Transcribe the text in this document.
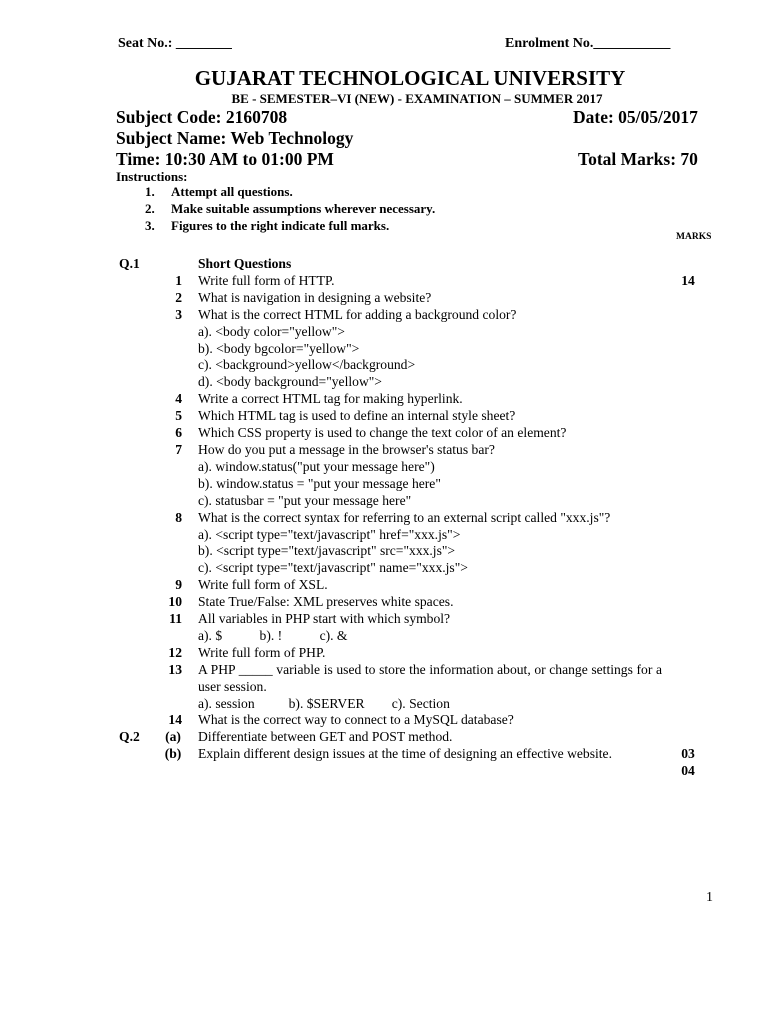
Seat No.: ________	Enrolment No.___________
GUJARAT TECHNOLOGICAL UNIVERSITY
BE - SEMESTER–VI (NEW) - EXAMINATION – SUMMER 2017
Subject Code: 2160708	Date: 05/05/2017
Subject Name: Web Technology
Time: 10:30 AM to 01:00 PM	Total Marks: 70
Instructions:
1.	Attempt all questions.
2.	Make suitable assumptions wherever necessary.
3.	Figures to the right indicate full marks.
MARKS
Q.1	Short Questions
14
1 Write full form of HTTP.
2 What is navigation in designing a website?
3 What is the correct HTML for adding a background color?
a). <body color="yellow">
b). <body bgcolor="yellow">
c). <background>yellow</background>
d). <body background="yellow">
4 Write a correct HTML tag for making hyperlink.
5 Which HTML tag is used to define an internal style sheet?
6 Which CSS property is used to change the text color of an element?
7 How do you put a message in the browser's status bar?
a). window.status("put your message here")
b). window.status = "put your message here"
c). statusbar = "put your message here"
8 What is the correct syntax for referring to an external script called "xxx.js"?
a). <script type="text/javascript" href="xxx.js">
b). <script type="text/javascript" src="xxx.js">
c). <script type="text/javascript" name="xxx.js">
9 Write full form of XSL.
10 State True/False: XML preserves white spaces.
11 All variables in PHP start with which symbol?
a). $           b). !           c). &
12 Write full form of PHP.
13 A PHP _____ variable is used to store the information about, or change settings for a user session.
a). session          b). $SERVER        c). Section
14 What is the correct way to connect to a MySQL database?
Q.2	(a)	Differentiate between GET and POST method.
03
(b)	Explain different design issues at the time of designing an effective website.
04
1
